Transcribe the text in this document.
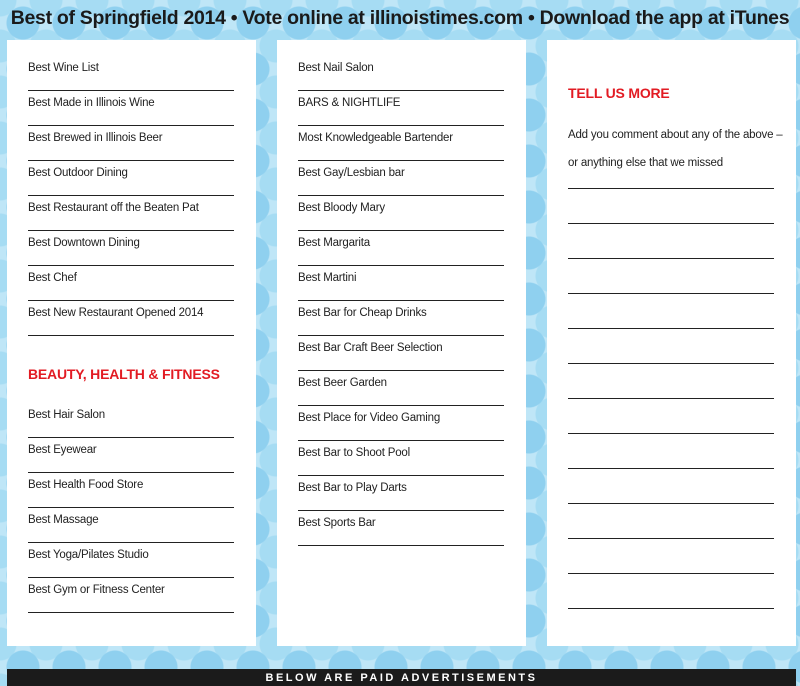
Best of Springfield 2014 • Vote online at illinoistimes.com • Download the app at iTunes
Best Wine List
Best Made in Illinois Wine
Best Brewed in Illinois Beer
Best Outdoor Dining
Best Restaurant off the Beaten Pat
Best Downtown Dining
Best Chef
Best New Restaurant Opened 2014
BEAUTY, HEALTH & FITNESS
Best Hair Salon
Best Eyewear
Best Health Food Store
Best Massage
Best Yoga/Pilates Studio
Best Gym or Fitness Center
Best Nail Salon
BARS & NIGHTLIFE
Most Knowledgeable Bartender
Best Gay/Lesbian bar
Best Bloody Mary
Best Margarita
Best Martini
Best Bar for Cheap Drinks
Best Bar Craft Beer Selection
Best Beer Garden
Best Place for Video Gaming
Best Bar to Shoot Pool
Best Bar to Play Darts
Best Sports Bar
TELL US MORE
Add you comment about any of the above –
or anything else that we missed
BELOW ARE PAID ADVERTISEMENTS
